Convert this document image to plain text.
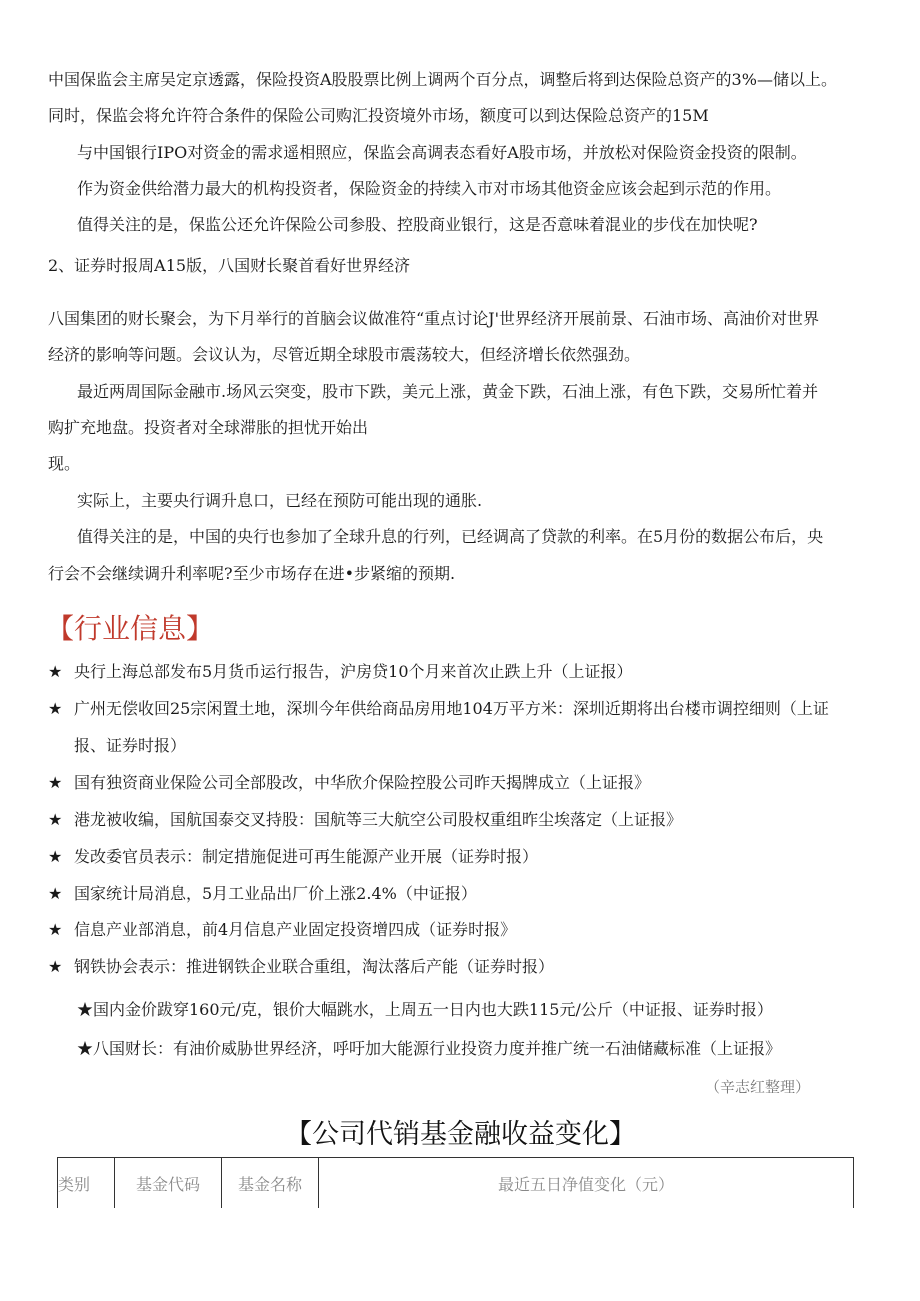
中国保监会主席吴定京透露，保险投资A股股票比例上调两个百分点，调整后将到达保险总资产的3%—储以上。
同时，保监会将允许符合条件的保险公司购汇投资境外市场，额度可以到达保险总资产的15M
与中国银行IPO对资金的需求遥相照应，保监会高调表态看好A股市场，并放松对保险资金投资的限制。
作为资金供给潜力最大的机构投资者，保险资金的持续入市对市场其他资金应该会起到示范的作用。
值得关注的是，保监公还允许保险公司参股、控股商业银行，这是否意味着混业的步伐在加快呢?
2、证券时报周A15版，八国财长聚首看好世界经济
八国集团的财长聚会，为下月举行的首脑会议做准符“重点讨论J'世界经济开展前景、石油市场、高油价对世界
经济的影响等问题。会议认为，尽管近期全球股市震荡较大，但经济增长依然强劲。
最近两周国际金融市.场风云突变，股市下跌，美元上涨，黄金下跌，石油上涨，有色下跌，交易所忙着并
购扩充地盘。投资者对全球滞胀的担忧开始出
现。
实际上，主要央行调升息口，已经在预防可能出现的通胀.
值得关注的是，中国的央行也参加了全球升息的行列，已经调高了贷款的利率。在5月份的数据公布后，央
行会不会继续调升利率呢?至少市场存在进•步紧缩的预期.
【行业信息】
★ 央行上海总部发布5月货币运行报告，沪房贷10个月来首次止跌上升（上证报）
★ 广州无偿收回25宗闲置土地，深圳今年供给商品房用地104万平方米：深圳近期将出台楼市调控细则（上证
报、证券时报）
★ 国有独资商业保险公司全部股改，中华欣介保险控股公司昨天揭牌成立（上证报》
★ 港龙被收编，国航国泰交叉持股：国航等三大航空公司股权重组昨尘埃落定（上证报》
★ 发改委官员表示：制定措施促进可再生能源产业开展（证券时报）
★ 国家统计局消息，5月工业品出厂价上涨2.4%（中证报）
★ 信息产业部消息，前4月信息产业固定投资增四成（证券时报》
★ 钢铁协会表示：推进钢铁企业联合重组，淘汰落后产能（证券时报）
★国内金价跋穿160元/克，银价大幅跳水，上周五一日内也大跌115元/公斤（中证报、证券时报）
★八国财长：有油价威胁世界经济，呼吁加大能源行业投资力度并推广统一石油储藏标准（上证报》
（辛志红整理）
【公司代销基金融收益变化】
类别	基金代码	基金名称	最近五日净值变化（元）
